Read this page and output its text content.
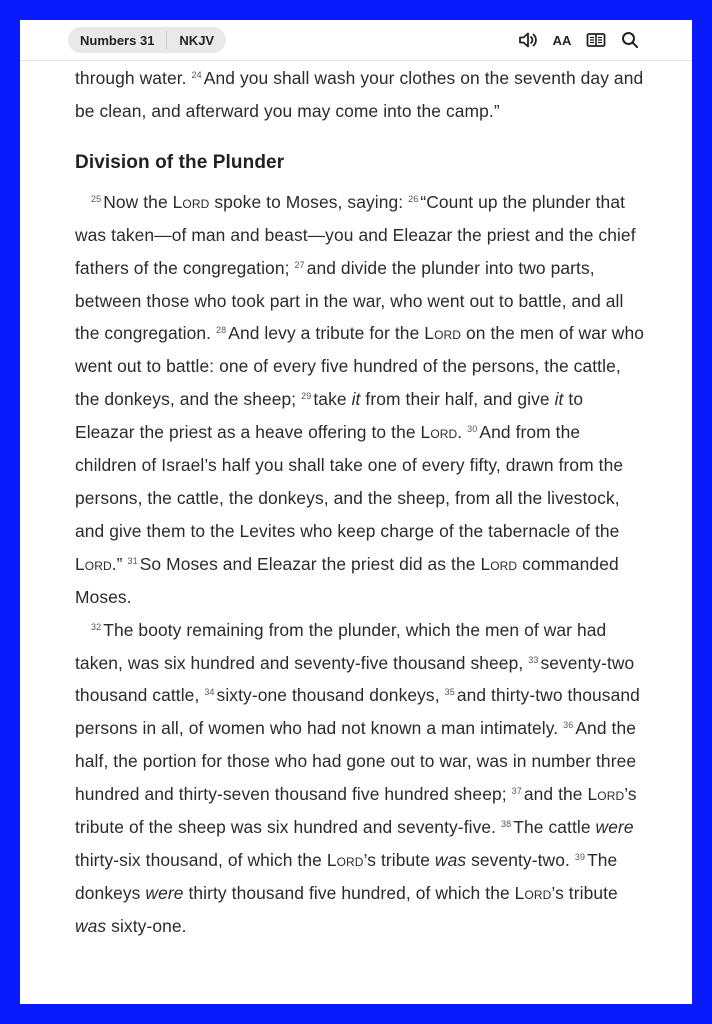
Numbers 31	NKJV	AA

through water. $^{24}$ And you shall wash your clothes on the seventh day and be clean, and afterward you may come into the camp.”

Division of the Plunder

$^{25}$ Now the Lord spoke to Moses, saying: $^{26}$ “Count up the plunder that was taken—of man and beast—you and Eleazar the priest and the chief fathers of the congregation; $^{27}$ and divide the plunder into two parts, between those who took part in the war, who went out to battle, and all the congregation. $^{28}$ And levy a tribute for the Lord on the men of war who went out to battle: one of every five hundred of the persons, the cattle, the donkeys, and the sheep; $^{29}$ take it from their half, and give it to Eleazar the priest as a heave offering to the Lord. $^{30}$ And from the children of Israel’s half you shall take one of every fifty, drawn from the persons, the cattle, the donkeys, and the sheep, from all the livestock, and give them to the Levites who keep charge of the tabernacle of the Lord.” $^{31}$ So Moses and Eleazar the priest did as the Lord commanded Moses.

$^{32}$ The booty remaining from the plunder, which the men of war had taken, was six hundred and seventy-five thousand sheep, $^{33}$ seventy-two thousand cattle, $^{34}$ sixty-one thousand donkeys, $^{35}$ and thirty-two thousand persons in all, of women who had not known a man intimately. $^{36}$ And the half, the portion for those who had gone out to war, was in number three hundred and thirty-seven thousand five hundred sheep; $^{37}$ and the Lord’s tribute of the sheep was six hundred and seventy-five. $^{38}$ The cattle were thirty-six thousand, of which the Lord’s tribute was seventy-two. $^{39}$ The donkeys were thirty thousand five hundred, of which the Lord’s tribute was sixty-one.
